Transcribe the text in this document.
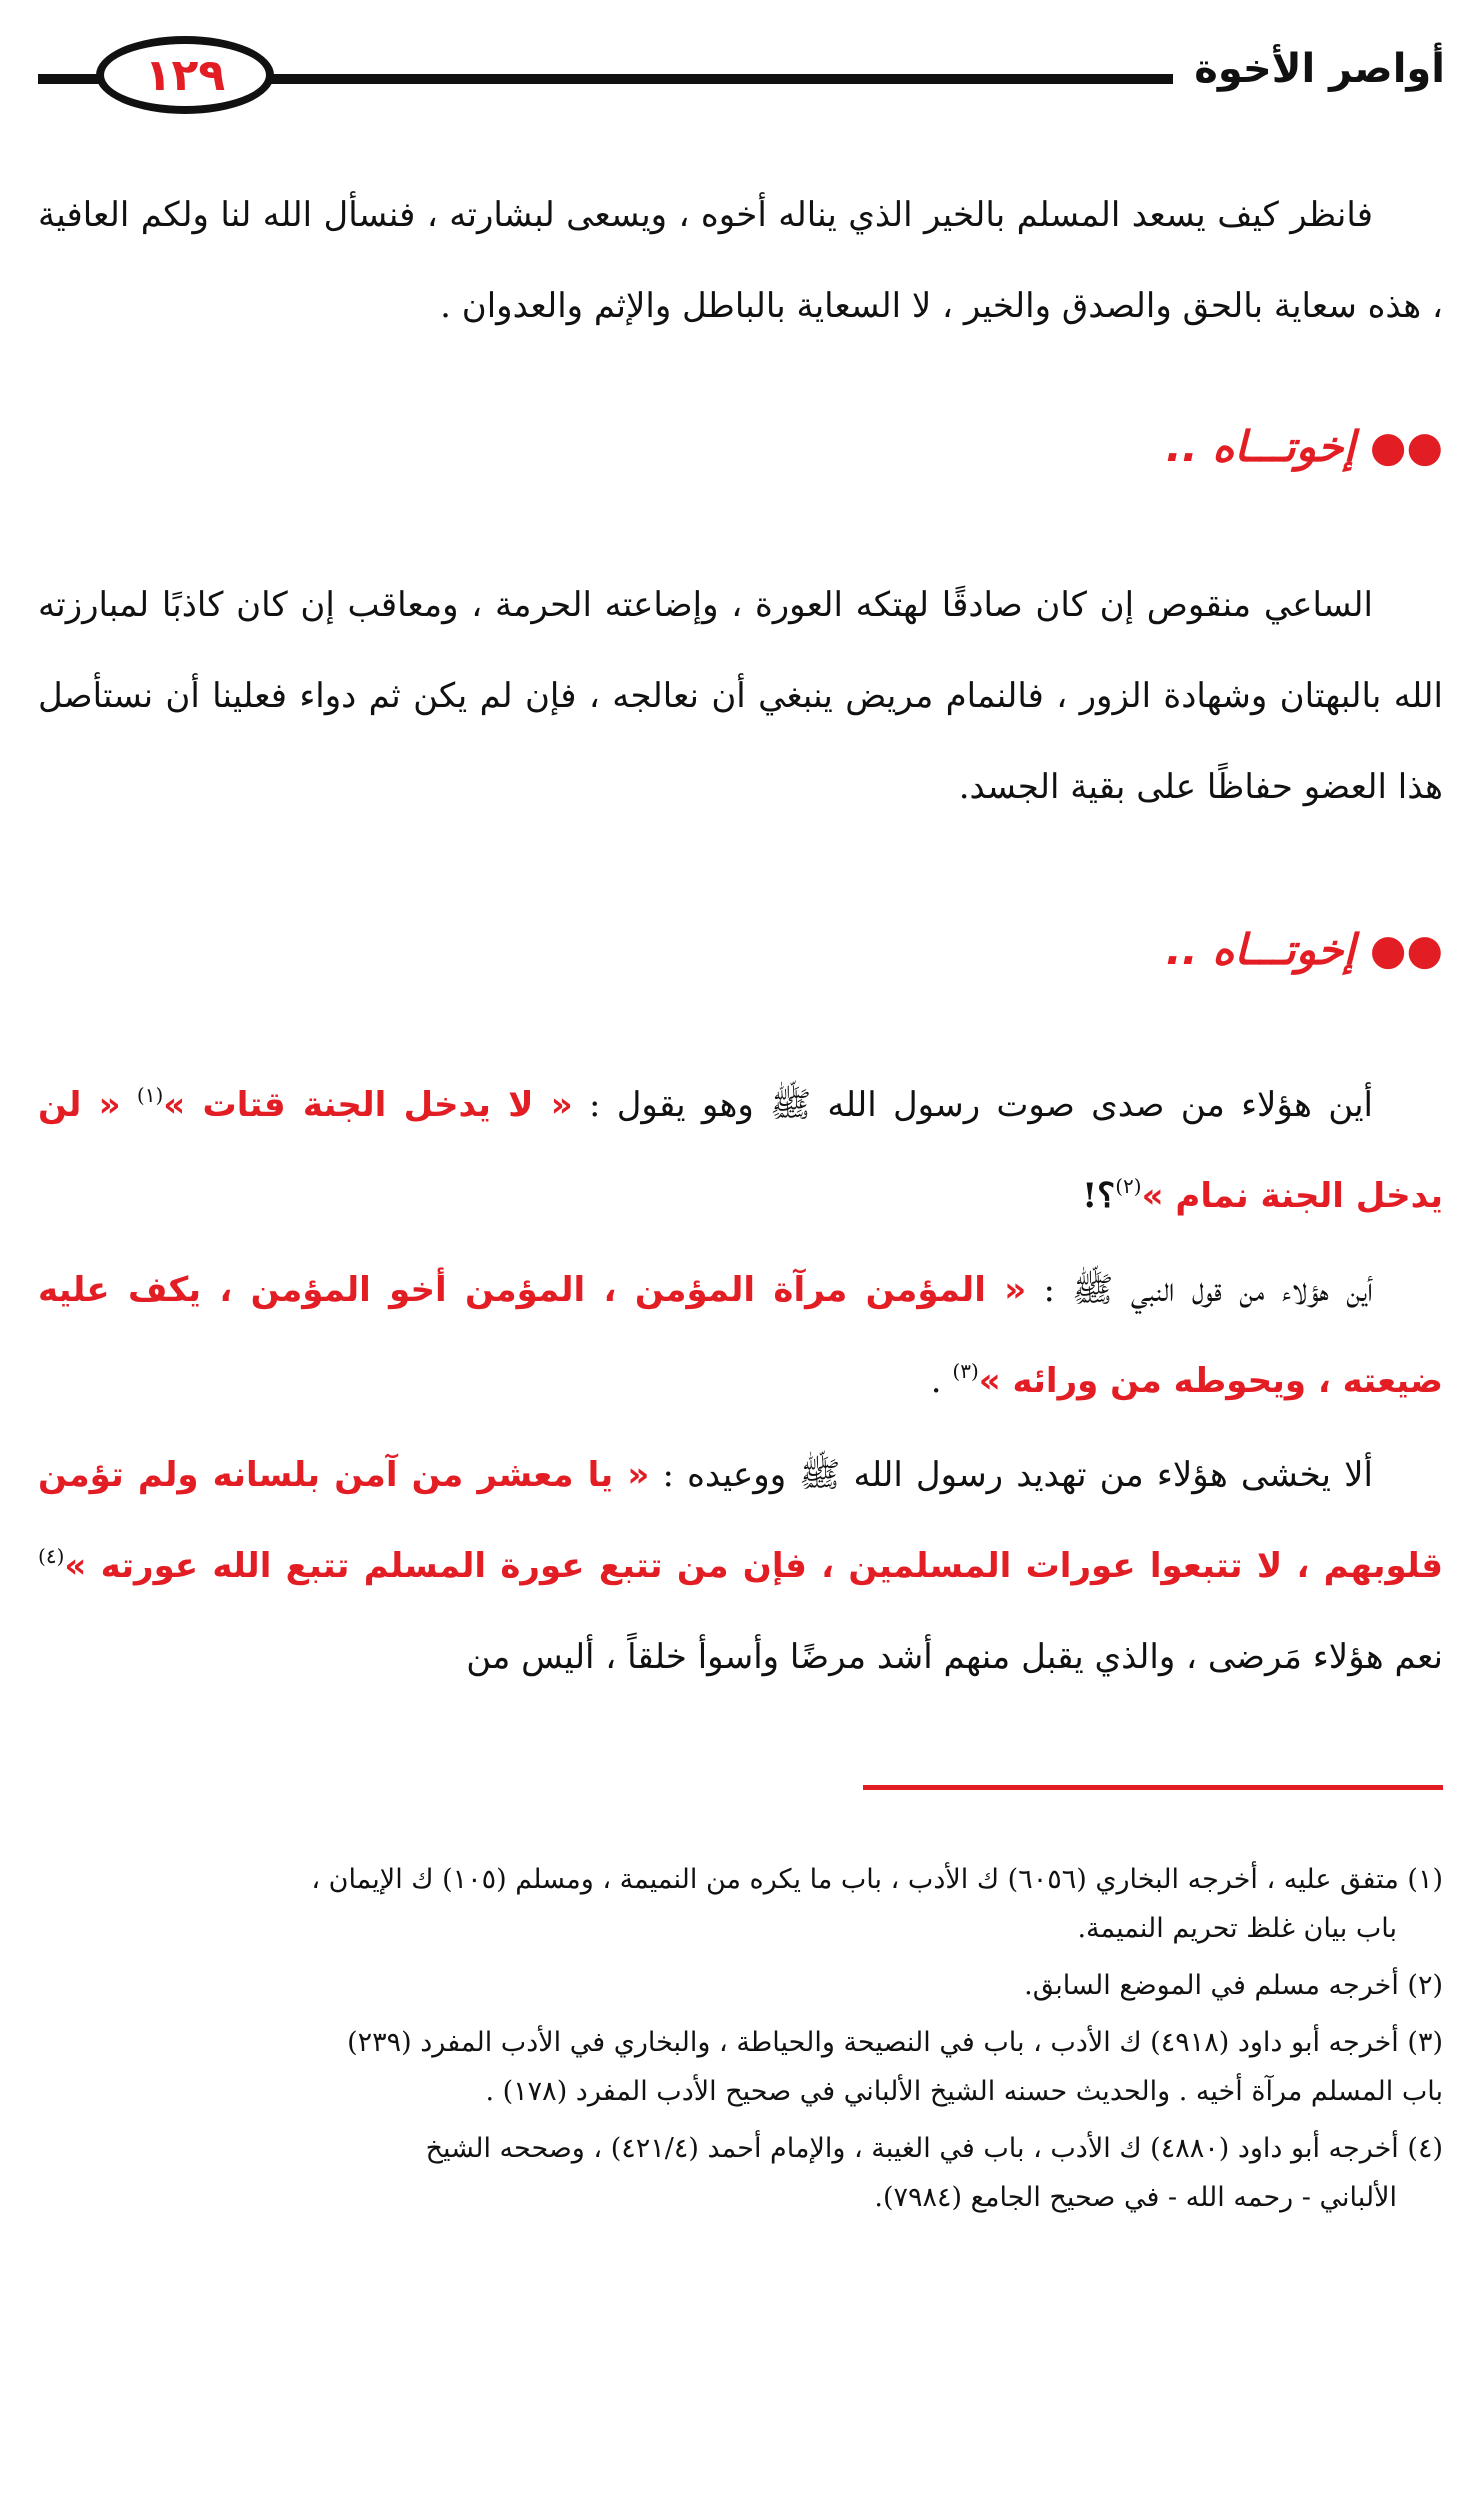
أواصر الأخوة
١٢٩
فانظر كيف يسعد المسلم بالخير الذي يناله أخوه ، ويسعى لبشارته ، فنسأل الله لنا ولكم العافية ، هذه سعاية بالحق والصدق والخير ، لا السعاية بالباطل والإثم والعدوان .
●● إخوتـــاه ..
الساعي منقوص إن كان صادقًا لهتكه العورة ، وإضاعته الحرمة ، ومعاقب إن كان كاذبًا لمبارزته الله بالبهتان وشهادة الزور ، فالنمام مريض ينبغي أن نعالجه ، فإن لم يكن ثم دواء فعلينا أن نستأصل هذا العضو حفاظًا على بقية الجسد.
●● إخوتـــاه ..
أين هؤلاء من صدى صوت رسول الله ﷺ وهو يقول : « لا يدخل الجنة قتات »$^{(١)}$ « لن يدخل الجنة نمام »$^{(٢)}$؟!
أين هؤلاء من قول النبي ﷺ : « المؤمن مرآة المؤمن ، المؤمن أخو المؤمن ، يكف عليه ضيعته ، ويحوطه من ورائه »$^{(٣)}$ .
ألا يخشى هؤلاء من تهديد رسول الله ﷺ ووعيده : « يا معشر من آمن بلسانه ولم تؤمن قلوبهم ، لا تتبعوا عورات المسلمين ، فإن من تتبع عورة المسلم تتبع الله عورته »$^{(٤)}$ نعم هؤلاء مَرضى ، والذي يقبل منهم أشد مرضًا وأسوأ خلقاً ، أليس من
(١) متفق عليه ، أخرجه البخاري (٦٠٥٦) ك الأدب ، باب ما يكره من النميمة ، ومسلم (١٠٥) ك الإيمان ،
باب بيان غلظ تحريم النميمة.
(٢) أخرجه مسلم في الموضع السابق.
(٣) أخرجه أبو داود (٤٩١٨) ك الأدب ، باب في النصيحة والحياطة ، والبخاري في الأدب المفرد (٢٣٩)
باب المسلم مرآة أخيه . والحديث حسنه الشيخ الألباني في صحيح الأدب المفرد (١٧٨) .
(٤) أخرجه أبو داود (٤٨٨٠) ك الأدب ، باب في الغيبة ، والإمام أحمد (٤٢١/٤) ، وصححه الشيخ
الألباني - رحمه الله - في صحيح الجامع (٧٩٨٤).
